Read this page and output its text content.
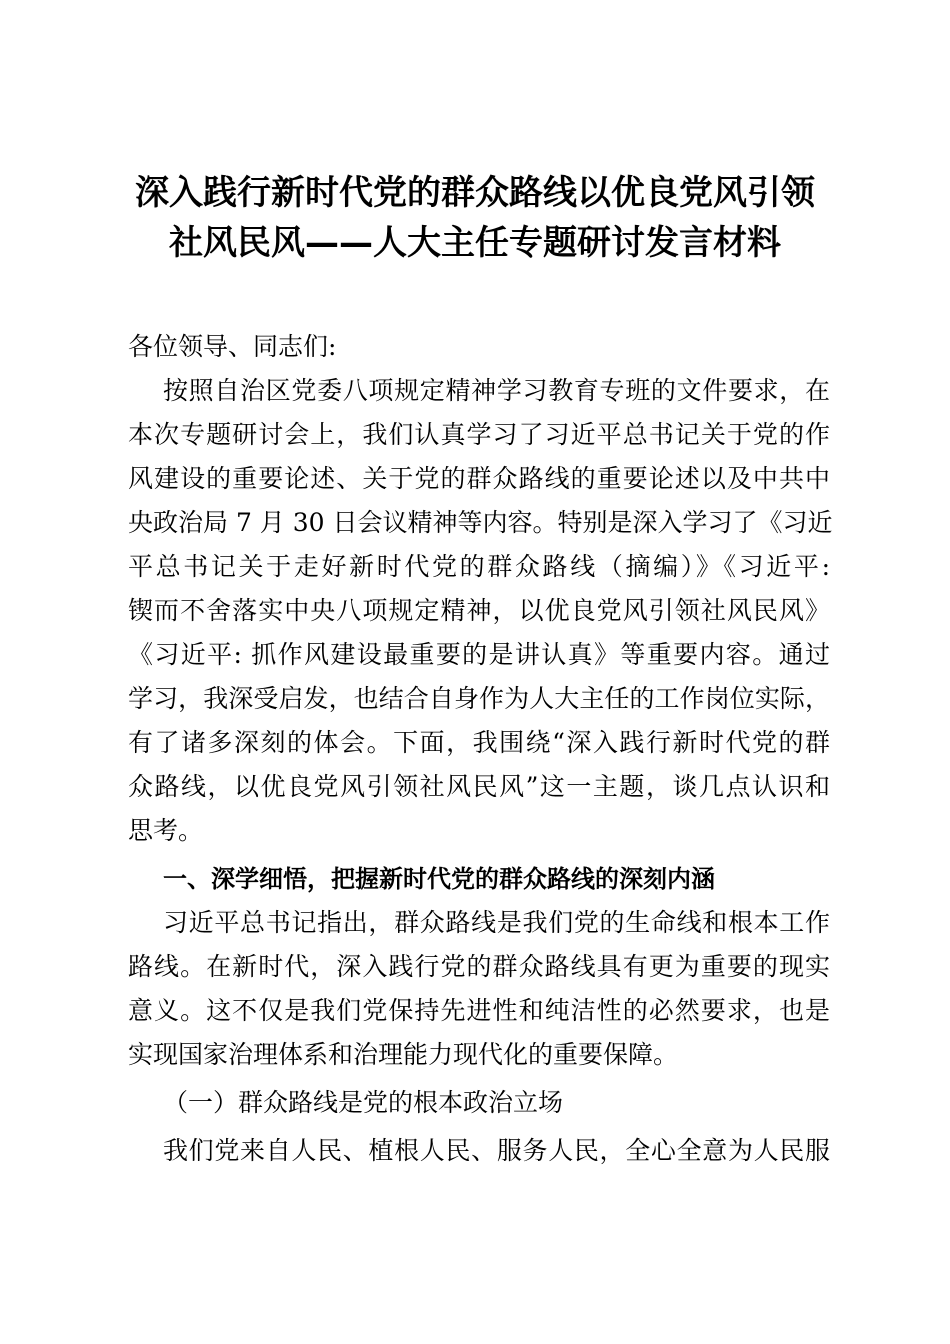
深入践行新时代党的群众路线以优良党风引领
社风民风——人大主任专题研讨发言材料
各位领导、同志们:
按照自治区党委八项规定精神学习教育专班的文件要求，在
本次专题研讨会上，我们认真学习了习近平总书记关于党的作
风建设的重要论述、关于党的群众路线的重要论述以及中共中
央政治局 7 月 30 日会议精神等内容。特别是深入学习了《习近
平总书记关于走好新时代党的群众路线（摘编）》《习近平:
锲而不舍落实中央八项规定精神，以优良党风引领社风民风》
《习近平: 抓作风建设最重要的是讲认真》等重要内容。通过
学习，我深受启发，也结合自身作为人大主任的工作岗位实际，
有了诸多深刻的体会。下面，我围绕“深入践行新时代党的群
众路线，以优良党风引领社风民风”这一主题，谈几点认识和
思考。
一、深学细悟，把握新时代党的群众路线的深刻内涵
习近平总书记指出，群众路线是我们党的生命线和根本工作
路线。在新时代，深入践行党的群众路线具有更为重要的现实
意义。这不仅是我们党保持先进性和纯洁性的必然要求，也是
实现国家治理体系和治理能力现代化的重要保障。
（一）群众路线是党的根本政治立场
我们党来自人民、植根人民、服务人民，全心全意为人民服
